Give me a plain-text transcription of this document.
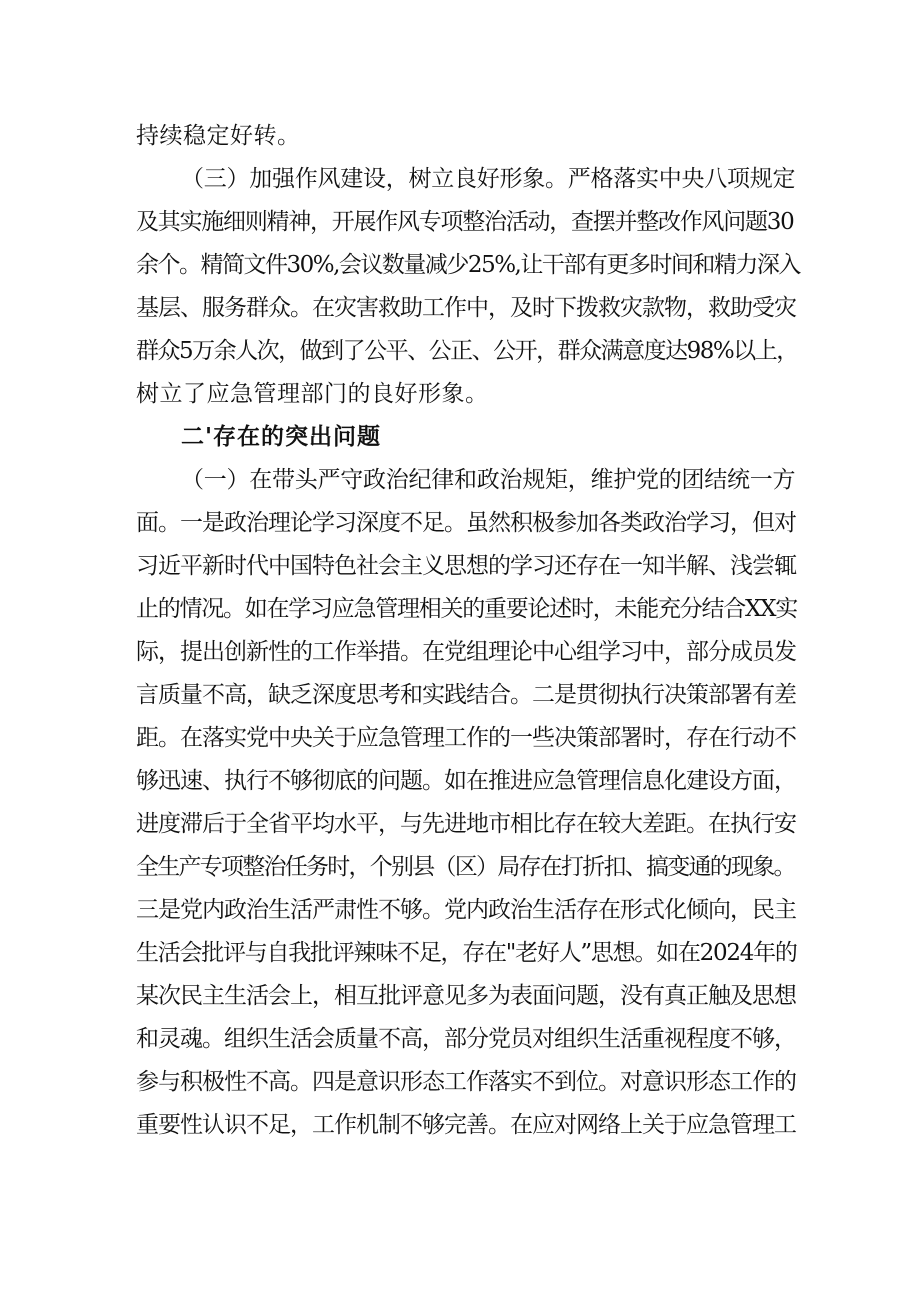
持续稳定好转。
（三）加强作风建设，树立良好形象。严格落实中央八项规定
及其实施细则精神，开展作风专项整治活动，查摆并整改作风问题30
余个。精简文件30%,会议数量减少25%,让干部有更多时间和精力深入
基层、服务群众。在灾害救助工作中，及时下拨救灾款物，救助受灾
群众5万余人次，做到了公平、公正、公开，群众满意度达98%以上，
树立了应急管理部门的良好形象。
二'存在的突出问题
（一）在带头严守政治纪律和政治规矩，维护党的团结统一方
面。一是政治理论学习深度不足。虽然积极参加各类政治学习，但对
习近平新时代中国特色社会主义思想的学习还存在一知半解、浅尝辄
止的情况。如在学习应急管理相关的重要论述时，未能充分结合XX实
际，提出创新性的工作举措。在党组理论中心组学习中，部分成员发
言质量不高，缺乏深度思考和实践结合。二是贯彻执行决策部署有差
距。在落实党中央关于应急管理工作的一些决策部署时，存在行动不
够迅速、执行不够彻底的问题。如在推进应急管理信息化建设方面，
进度滞后于全省平均水平，与先进地市相比存在较大差距。在执行安
全生产专项整治任务时，个别县（区）局存在打折扣、搞变通的现象。
三是党内政治生活严肃性不够。党内政治生活存在形式化倾向，民主
生活会批评与自我批评辣味不足，存在"老好人”思想。如在2024年的
某次民主生活会上，相互批评意见多为表面问题，没有真正触及思想
和灵魂。组织生活会质量不高，部分党员对组织生活重视程度不够，
参与积极性不高。四是意识形态工作落实不到位。对意识形态工作的
重要性认识不足，工作机制不够完善。在应对网络上关于应急管理工
